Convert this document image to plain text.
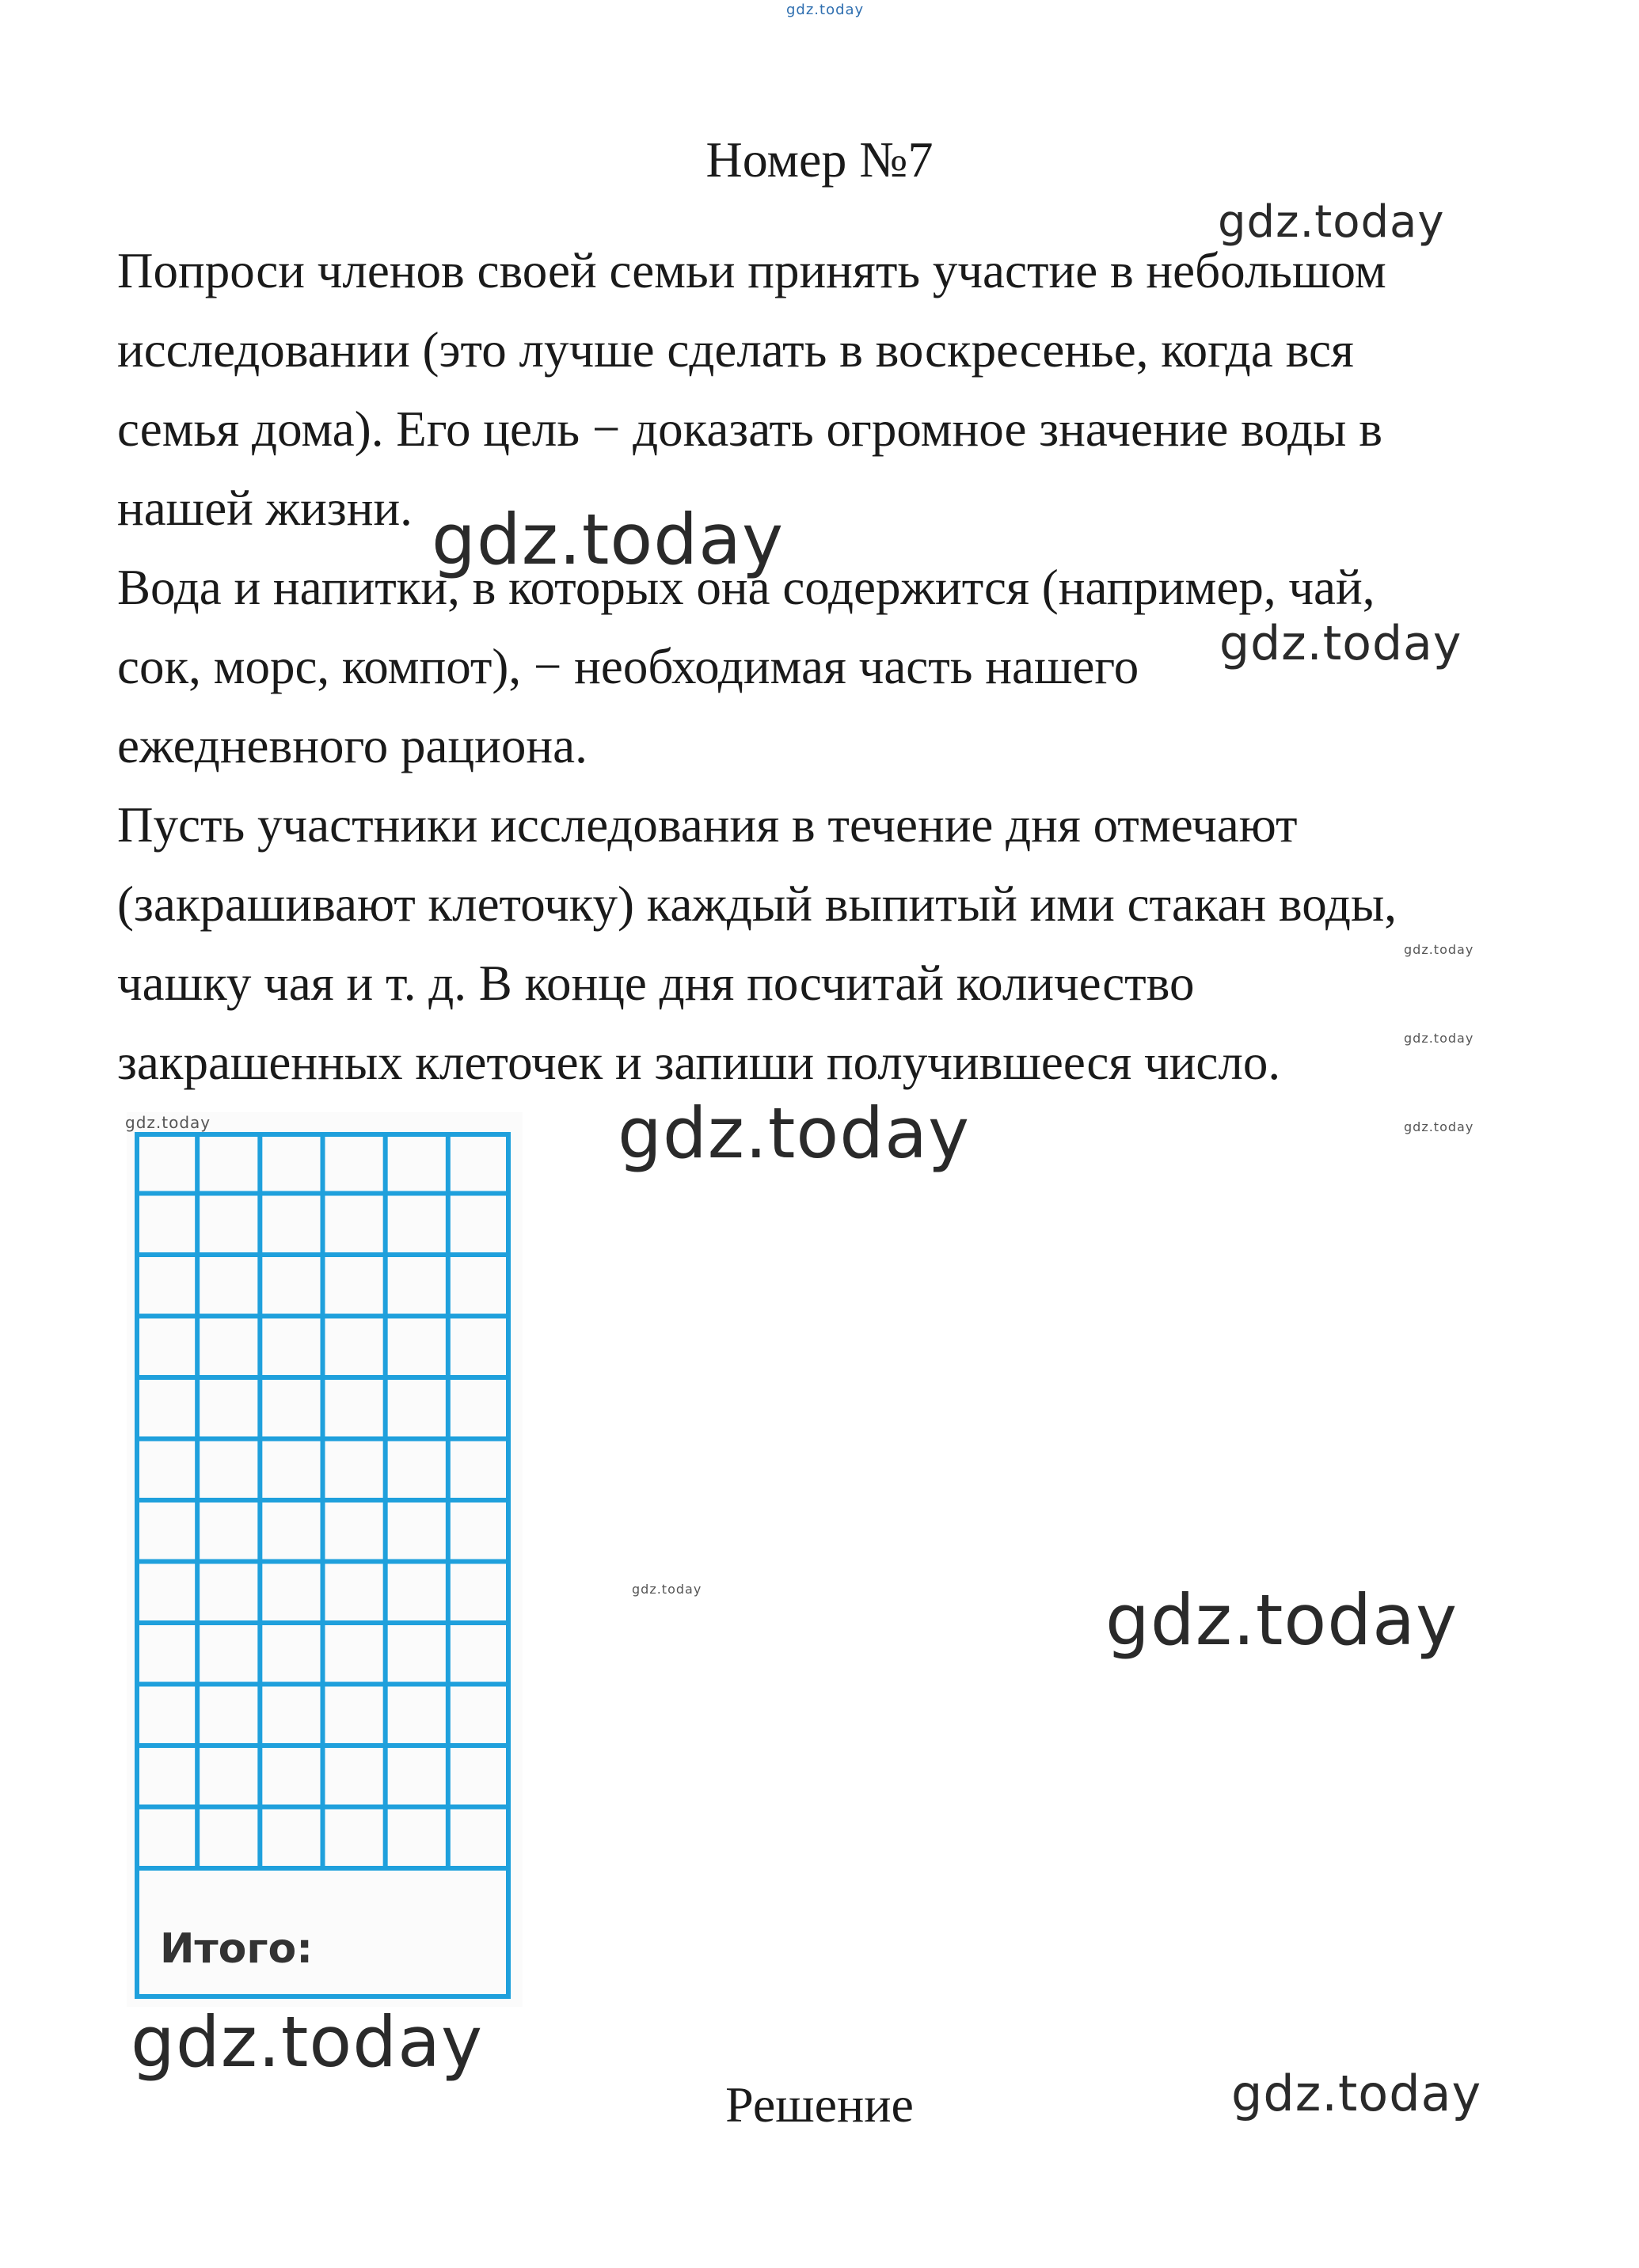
gdz.today
Номер №7

Попроси членов своей семьи принять участие в небольшом
исследовании (это лучше сделать в воскресенье, когда вся
семья дома). Его цель − доказать огромное значение воды в
нашей жизни.

Вода и напитки, в которых она содержится (например, чай,
сок, морс, компот), − необходимая часть нашего
ежедневного рациона.

Пусть участники исследования в течение дня отмечают
(закрашивают клеточку) каждый выпитый ими стакан воды,
чашку чая и т. д. В конце дня посчитай количество
закрашенных клеточек и запиши получившееся число.

Итого:
Решение
gdz.today
gdz.today
gdz.today
gdz.today
gdz.today
gdz.today
gdz.today	gdz.today
gdz.today	gdz.today
gdz.today
gdz.today
